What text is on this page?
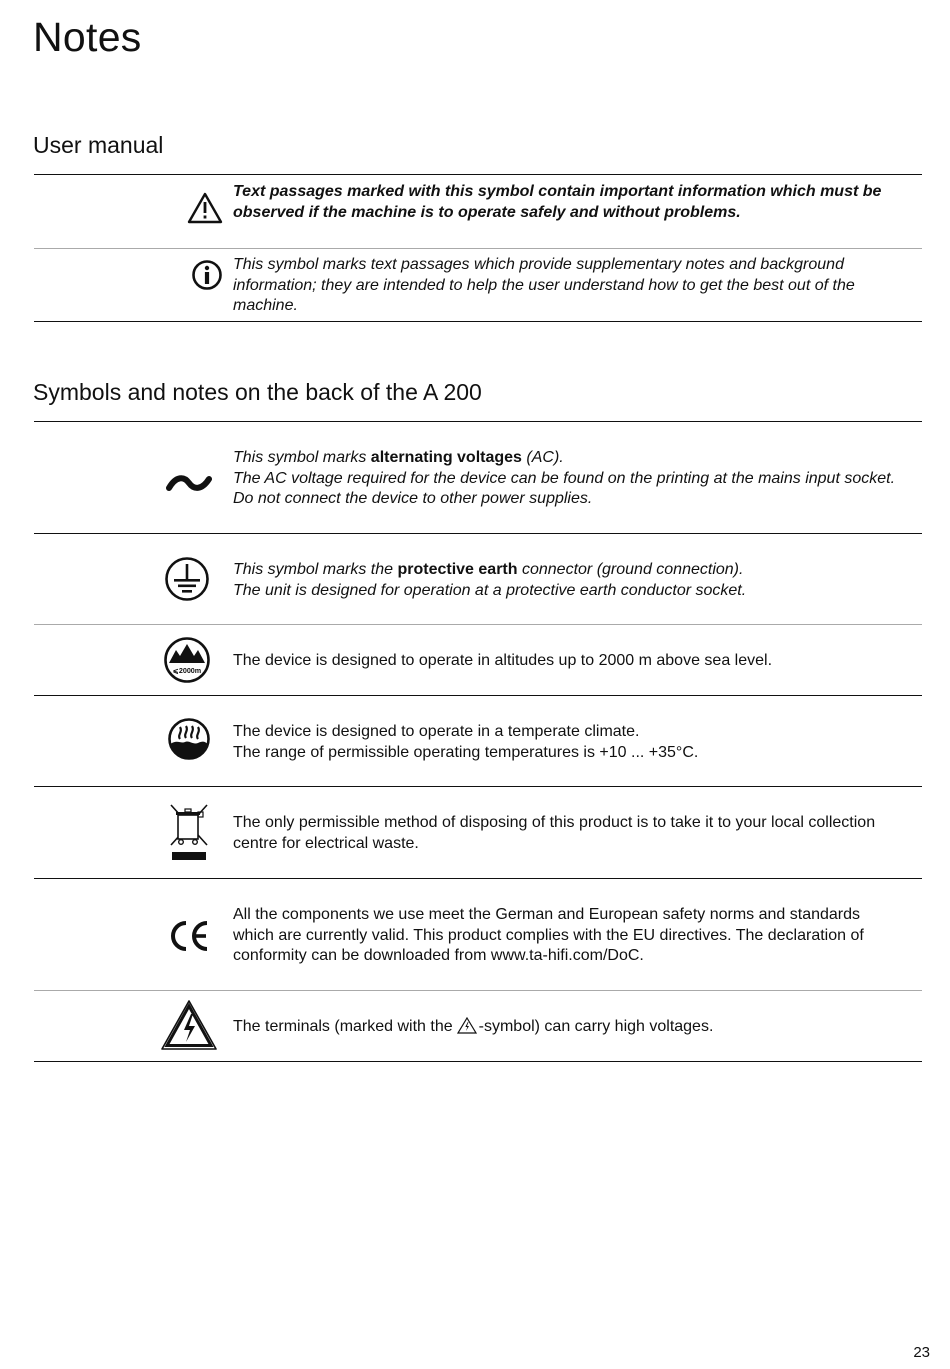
Notes
User manual
Text passages marked with this symbol contain important information which must be observed if the machine is to operate safely and without problems.
This symbol marks text passages which provide supplementary notes and background information; they are intended to help the user understand how to get the best out of the machine.
Symbols and notes on the back of the A 200
This symbol marks alternating voltages (AC).
The AC voltage required for the device can be found on the printing at the mains input socket. Do not connect the device to other power supplies.
This symbol marks the protective earth connector (ground connection).
The unit is designed for operation at a protective earth conductor socket.
⩽2000m
The device is designed to operate in altitudes up to 2000 m above sea level.
The device is designed to operate in a temperate climate.
The range of permissible operating temperatures is +10 ... +35°C.
The only permissible method of disposing of this product is to take it to your local collection centre for electrical waste.
All the components we use meet the German and European safety norms and standards which are currently valid. This product complies with the EU directives. The declaration of conformity can be downloaded from www.ta-hifi.com/DoC.
The terminals (marked with the -symbol) can carry high voltages.
23
